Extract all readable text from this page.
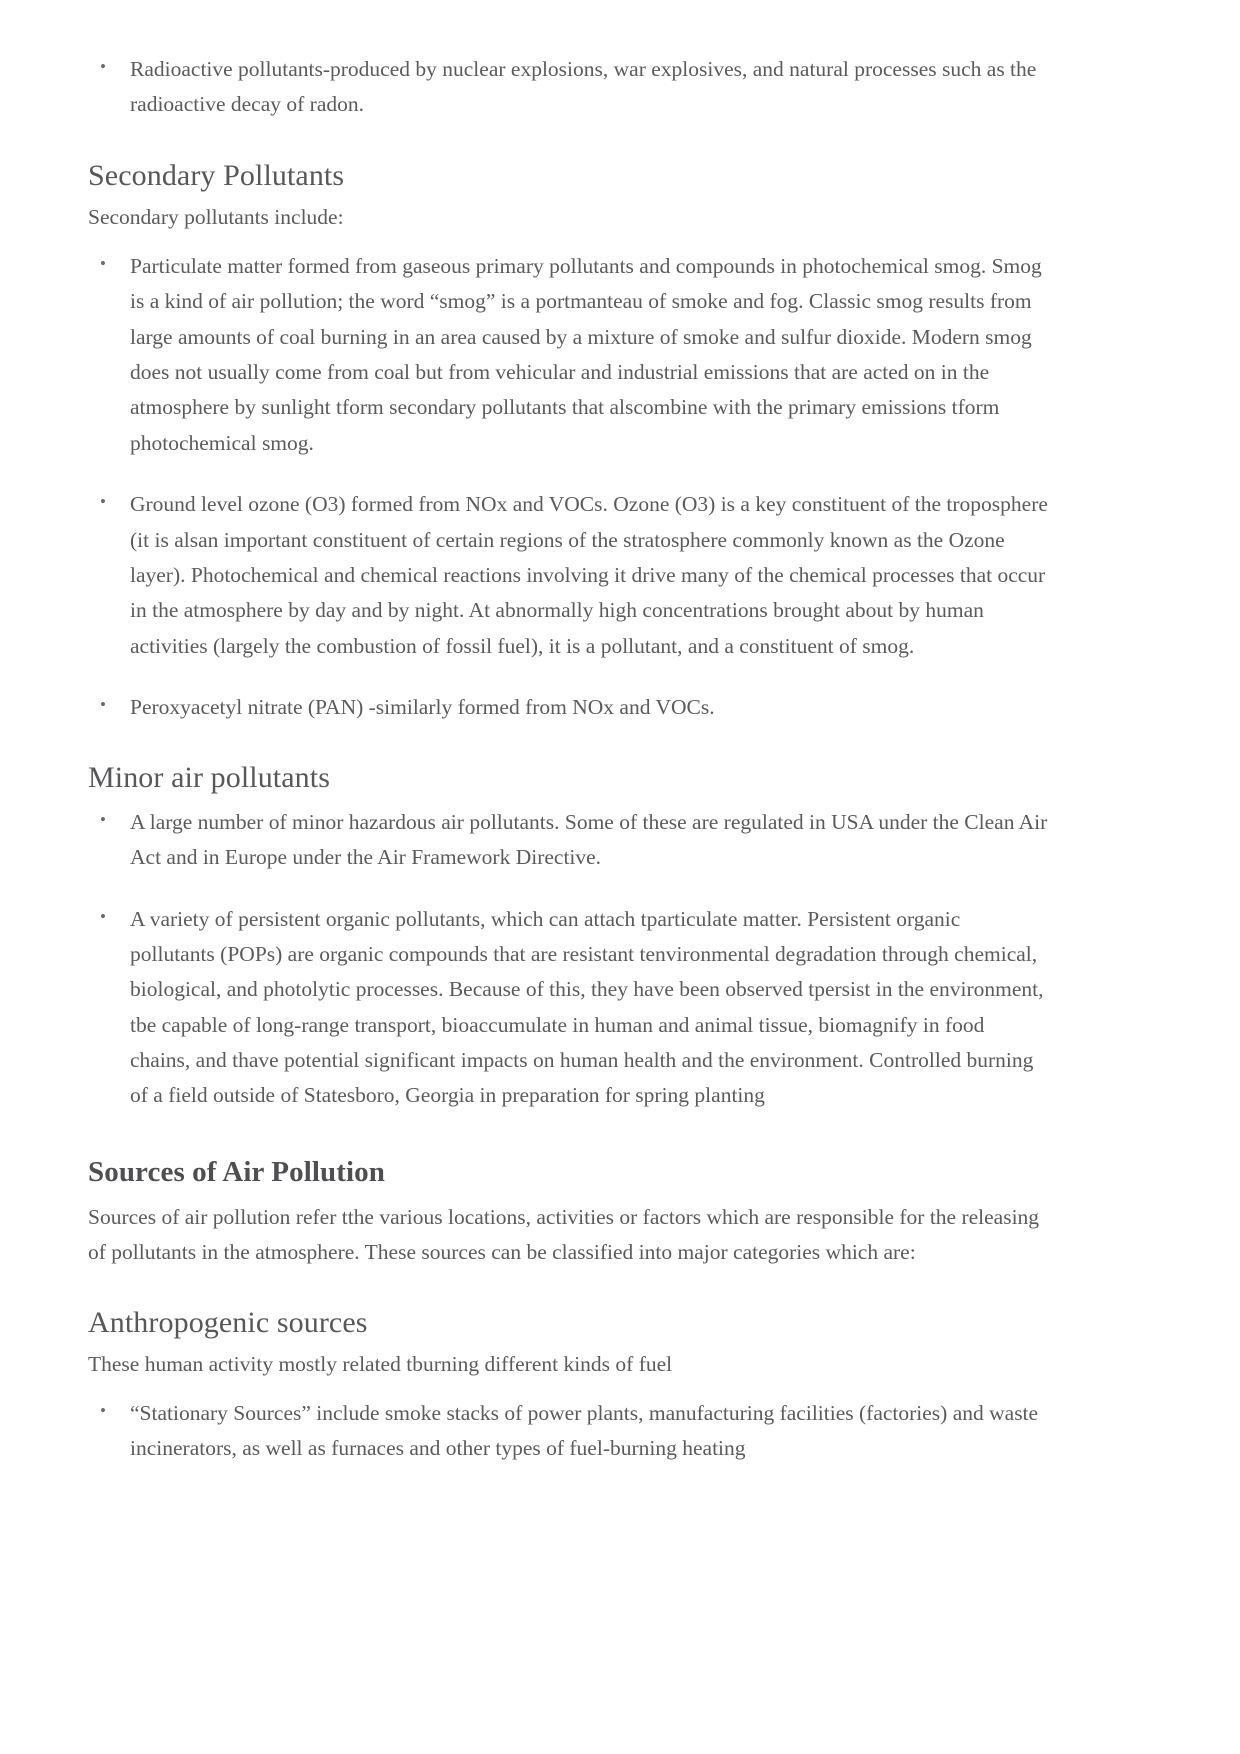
• Radioactive pollutants-produced by nuclear explosions, war explosives, and natural processes such as the radioactive decay of radon.
Secondary Pollutants

Secondary pollutants include:

• Particulate matter formed from gaseous primary pollutants and compounds in photochemical smog. Smog is a kind of air pollution; the word “smog” is a portmanteau of smoke and fog. Classic smog results from large amounts of coal burning in an area caused by a mixture of smoke and sulfur dioxide. Modern smog does not usually come from coal but from vehicular and industrial emissions that are acted on in the atmosphere by sunlight tform secondary pollutants that alscombine with the primary emissions tform photochemical smog.
• Ground level ozone (O3) formed from NOx and VOCs. Ozone (O3) is a key constituent of the troposphere (it is alsan important constituent of certain regions of the stratosphere commonly known as the Ozone layer). Photochemical and chemical reactions involving it drive many of the chemical processes that occur in the atmosphere by day and by night. At abnormally high concentrations brought about by human activities (largely the combustion of fossil fuel), it is a pollutant, and a constituent of smog.
• Peroxyacetyl nitrate (PAN) -similarly formed from NOx and VOCs.
Minor air pollutants
• A large number of minor hazardous air pollutants. Some of these are regulated in USA under the Clean Air Act and in Europe under the Air Framework Directive.
• A variety of persistent organic pollutants, which can attach tparticulate matter. Persistent organic pollutants (POPs) are organic compounds that are resistant tenvironmental degradation through chemical, biological, and photolytic processes. Because of this, they have been observed tpersist in the environment, tbe capable of long-range transport, bioaccumulate in human and animal tissue, biomagnify in food chains, and thave potential significant impacts on human health and the environment. Controlled burning of a field outside of Statesboro, Georgia in preparation for spring planting
Sources of Air Pollution

Sources of air pollution refer tthe various locations, activities or factors which are responsible for the releasing of pollutants in the atmosphere. These sources can be classified into major categories which are:

Anthropogenic sources

These human activity mostly related tburning different kinds of fuel

• “Stationary Sources” include smoke stacks of power plants, manufacturing facilities (factories) and waste incinerators, as well as furnaces and other types of fuel-burning heating
